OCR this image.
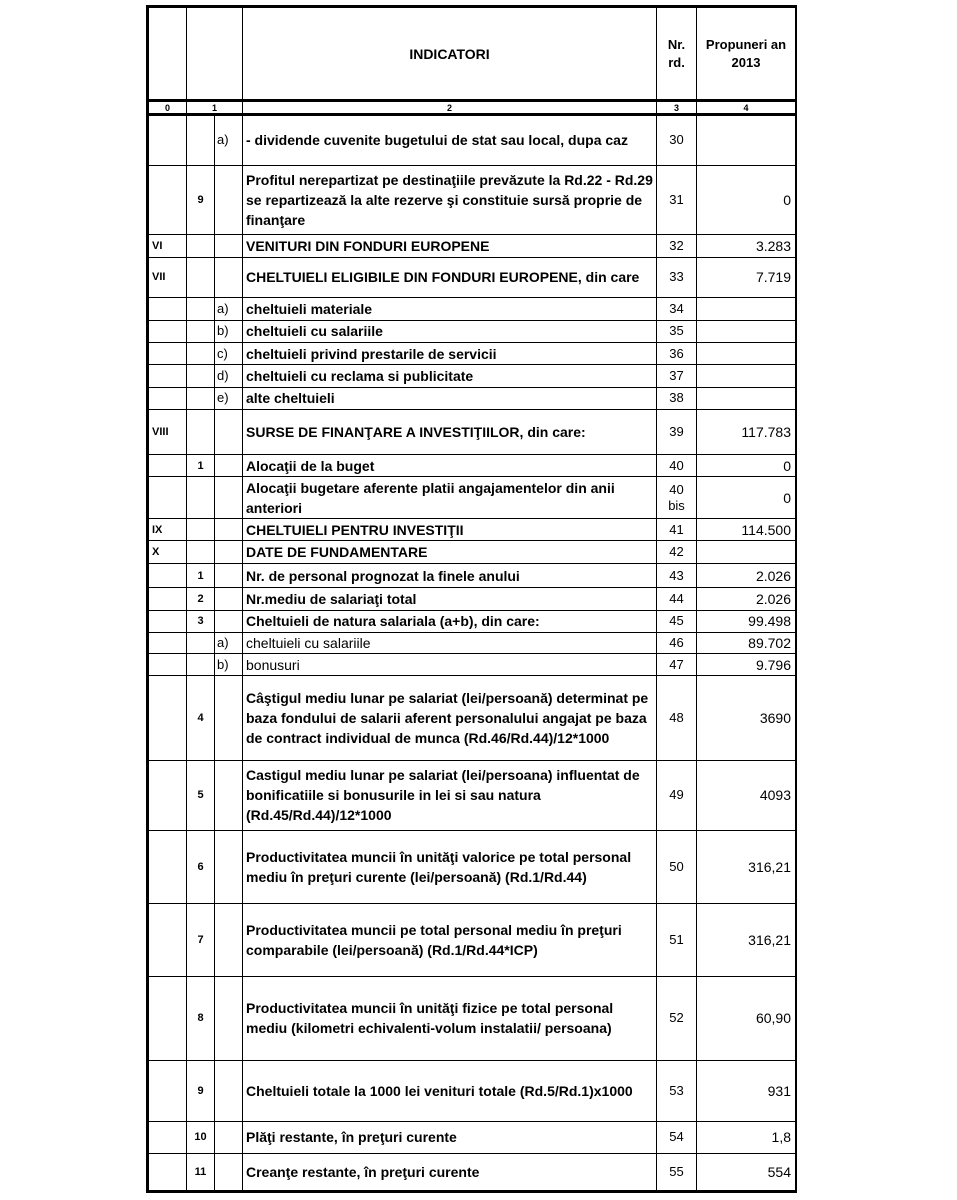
			INDICATORI	Nr. rd.	Propuneri an 2013
0	1		2	3	4
		a)	- dividende cuvenite bugetului de stat sau local, dupa caz	30	
	9		Profitul nerepartizat pe destinaţiile prevăzute la Rd.22 - Rd.29 se repartizează la alte rezerve şi constituie sursă proprie de finanţare	31	0
VI			VENITURI DIN FONDURI EUROPENE	32	3.283
VII			CHELTUIELI ELIGIBILE DIN FONDURI EUROPENE, din care	33	7.719
		a)	cheltuieli materiale	34	
		b)	cheltuieli cu salariile	35	
		c)	cheltuieli privind prestarile de servicii	36	
		d)	cheltuieli cu reclama si publicitate	37	
		e)	alte cheltuieli	38	
VIII			SURSE DE FINANŢARE A INVESTIŢIILOR, din care:	39	117.783
	1		Alocaţii de la buget	40	0
			Alocaţii bugetare aferente platii angajamentelor din anii anteriori	40 bis	0
IX			CHELTUIELI PENTRU INVESTIŢII	41	114.500
X			DATE DE FUNDAMENTARE	42	
	1		Nr. de personal prognozat la finele anului	43	2.026
	2		Nr.mediu de salariaţi total	44	2.026
	3		Cheltuieli de natura salariala (a+b), din care:	45	99.498
		a)	cheltuieli cu salariile	46	89.702
		b)	bonusuri	47	9.796
	4		Câştigul mediu lunar pe salariat (lei/persoană) determinat pe baza fondului de salarii aferent personalului angajat pe baza de contract individual de munca (Rd.46/Rd.44)/12*1000	48	3690
	5		Castigul mediu lunar pe salariat (lei/persoana) influentat de bonificatiile si bonusurile in lei si sau natura (Rd.45/Rd.44)/12*1000	49	4093
	6		Productivitatea muncii în unităţi valorice pe total personal mediu în preţuri curente (lei/persoană) (Rd.1/Rd.44)	50	316,21
	7		Productivitatea muncii pe total personal mediu în preţuri comparabile (lei/persoană) (Rd.1/Rd.44*ICP)	51	316,21
	8		Productivitatea muncii în unităţi fizice pe total personal mediu (kilometri echivalenti-volum instalatii/ persoana)	52	60,90
	9		Cheltuieli totale la 1000 lei venituri totale (Rd.5/Rd.1)x1000	53	931
	10		Plăţi restante, în preţuri curente	54	1,8
	11		Creanţe restante, în preţuri curente	55	554
